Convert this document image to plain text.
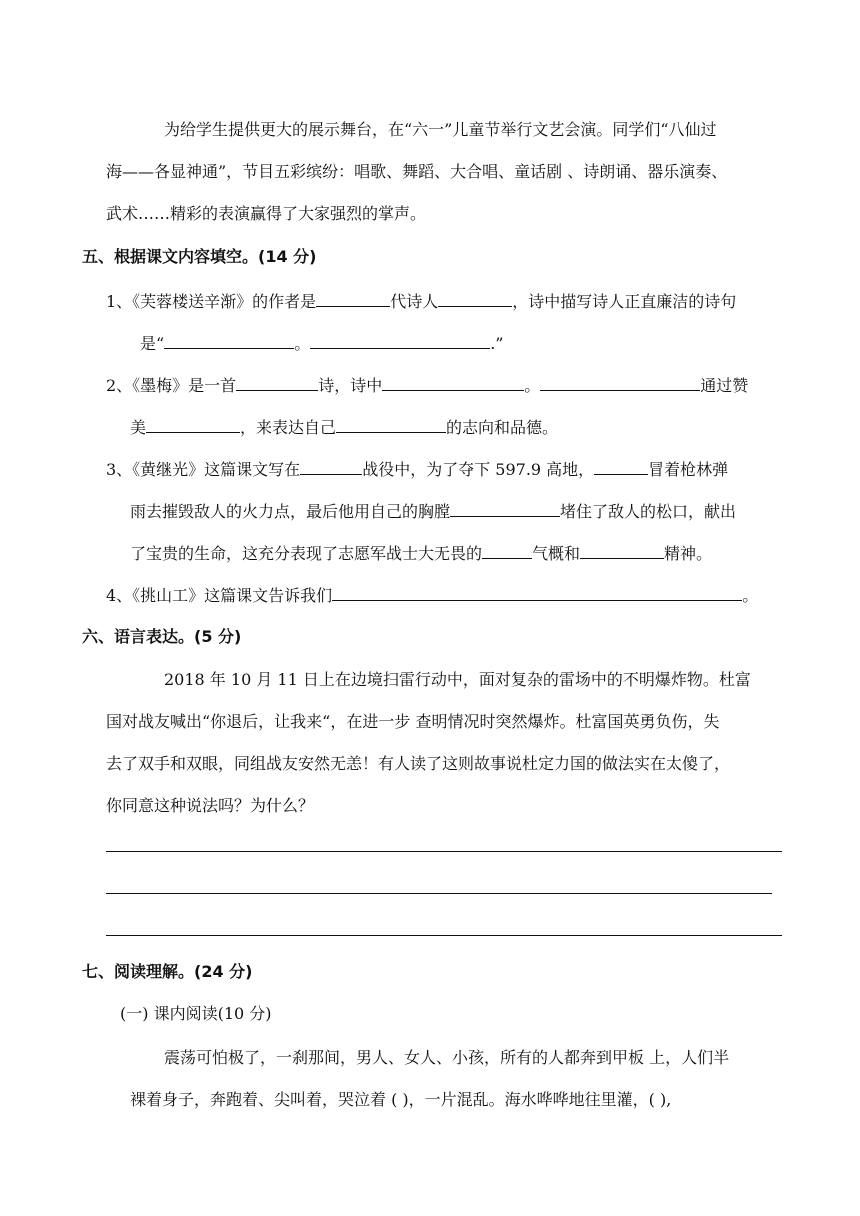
为给学生提供更大的展示舞台，在“六一”儿童节举行文艺会演。同学们“八仙过
海——各显神通”，节目五彩缤纷：唱歌、舞蹈、大合唱、童话剧 、诗朗诵、器乐演奏、
武术……精彩的表演赢得了大家强烈的掌声。
五、根据课文内容填空。(14 分)
1、《芙蓉楼送辛渐》的作者是	代诗人	，诗中描写诗人正直廉洁的诗句
是“	。	.”
2、《墨梅》是一首	诗，诗中	。	通过赞
美	，来表达自己	的志向和品德。
3、《黄继光》这篇课文写在	战役中，为了夺下 597.9 高地，	冒着枪林弹
雨去摧毁敌人的火力点，最后他用自己的胸膛	堵住了敌人的松口，献出
了宝贵的生命，这充分表现了志愿军战士大无畏的	气概和	精神。
4、《挑山工》这篇课文告诉我们	。
六、语言表达。(5 分)
2018 年 10 月 11 日上在边境扫雷行动中，面对复杂的雷场中的不明爆炸物。杜富
国对战友喊出“你退后，让我来“，在进一步 查明情况时突然爆炸。杜富国英勇负伤，失
去了双手和双眼，同组战友安然无恙！有人读了这则故事说杜定力国的做法实在太傻了，
你同意这种说法吗？为什么？
七、阅读理解。(24 分)
(一) 课内阅读(10 分)
震荡可怕极了，一刹那间，男人、女人、小孩，所有的人都奔到甲板 上，人们半
裸着身子，奔跑着、尖叫着，哭泣着 ( )，一片混乱。海水哗哗地往里灌，( ),
